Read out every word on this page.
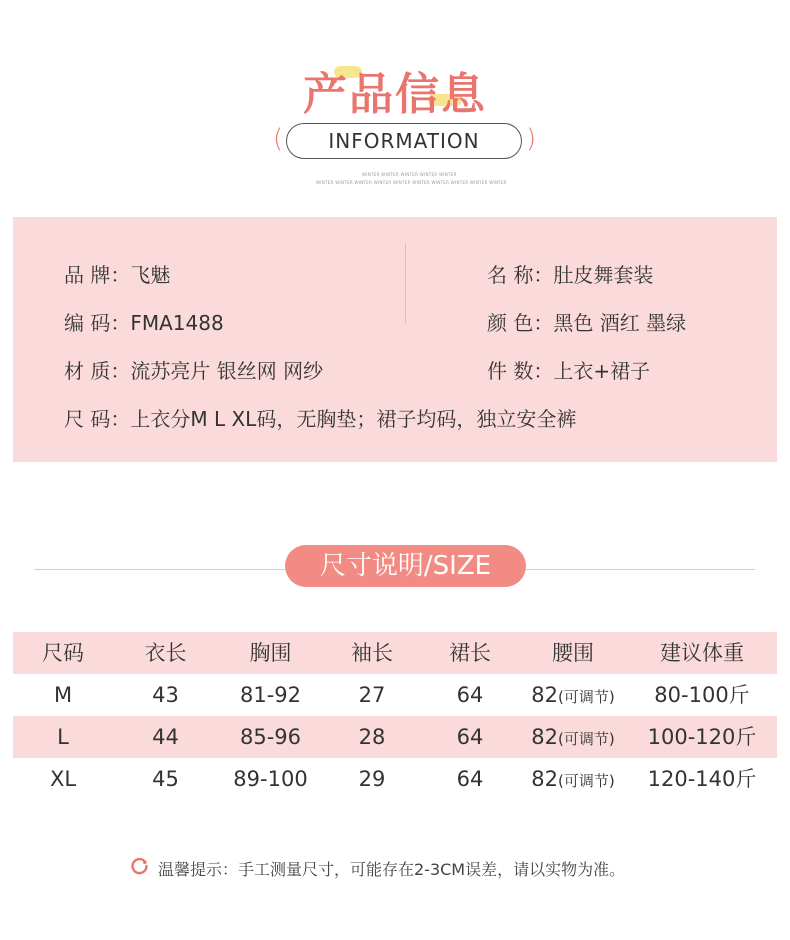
产品信息
(	INFORMATION	)
WINTER WINTER WINTER WINTER WINTER
WINTER WINTER WINTER WINTER WINTER WINTER WINTER WINTER WINTER WINTER
品 牌：飞魅	名 称：肚皮舞套装
编 码：FMA1488	颜 色：黑色 酒红 墨绿
材 质：流苏亮片 银丝网 网纱	件 数：上衣+裙子
尺 码：上衣分M L XL码，无胸垫；裙子均码，独立安全裤
尺寸说明/SIZE
尺码	衣长	胸围	袖长	裙长	腰围	建议体重
M	43	81-92	27	64	82(可调节)	80-100斤
L	44	85-96	28	64	82(可调节)	100-120斤
XL	45	89-100	29	64	82(可调节)	120-140斤
温馨提示：手工测量尺寸，可能存在2-3CM误差，请以实物为准。
